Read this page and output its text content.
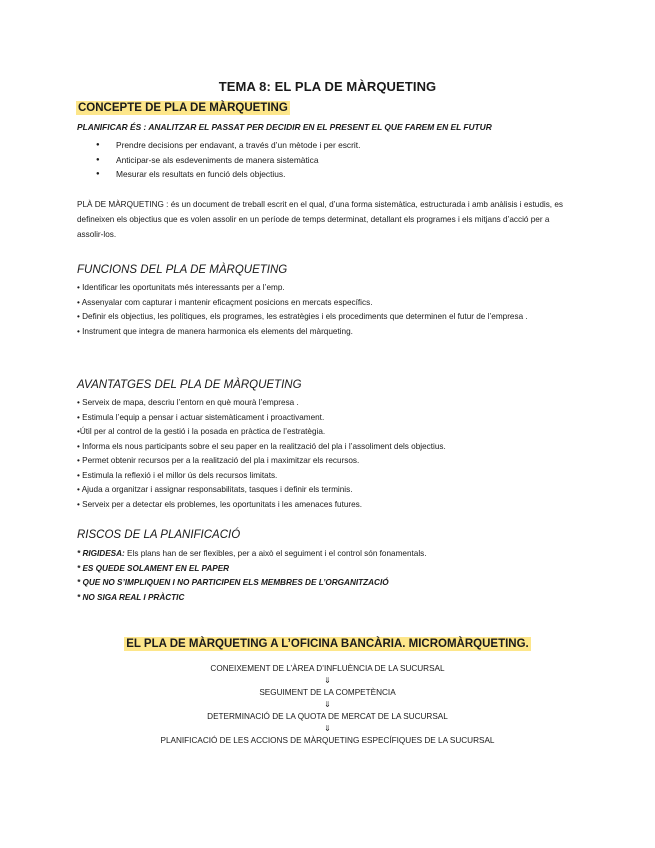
TEMA 8: EL PLA DE MÀRQUETING
CONCEPTE DE PLA DE MÀRQUETING
PLANIFICAR ÉS : ANALITZAR EL PASSAT PER DECIDIR EN EL PRESENT EL QUE FAREM EN EL FUTUR
● Prendre decisions per endavant, a través d’un mètode i per escrit.
● Anticipar-se als esdeveniments de manera sistemàtica
● Mesurar els resultats en funció dels objectius.
PLÀ DE MÀRQUETING : és un document de treball escrit en el qual, d’una forma sistemàtica, estructurada i amb anàlisis i estudis, es defineixen els objectius que es volen assolir en un període de temps determinat, detallant els programes i els mitjans d’acció per a assolir-los.
FUNCIONS DEL PLA DE MÀRQUETING
• Identificar les oportunitats més interessants per a l’emp.
• Assenyalar com capturar i mantenir eficaçment posicions en mercats específics.
• Definir els objectius, les polítiques, els programes, les estratègies i els procediments que determinen el futur de l’empresa .
• Instrument que integra de manera harmonica els elements del màrqueting.
AVANTATGES DEL PLA DE MÀRQUETING
• Serveix de mapa, descriu l’entorn en què mourà l’empresa .
• Estimula l’equip a pensar i actuar sistemàticament i proactivament.
•Útil per al control de la gestió i la posada en pràctica de l’estratègia.
• Informa els nous participants sobre el seu paper en la realització del pla i l’assoliment dels objectius.
• Permet obtenir recursos per a la realització del pla i maximitzar els recursos.
• Estimula la reflexió i el millor ús dels recursos limitats.
• Ajuda a organitzar i assignar responsabilitats, tasques i definir els terminis.
• Serveix per a detectar els problemes, les oportunitats i les amenaces futures.
RISCOS DE LA PLANIFICACIÓ
* RIGIDESA: Els plans han de ser flexibles, per a això el seguiment i el control són fonamentals.
* ES QUEDE SOLAMENT EN EL PAPER
* QUE NO S’IMPLIQUEN I NO PARTICIPEN ELS MEMBRES DE L’ORGANITZACIÓ
* NO SIGA REAL I PRÀCTIC
EL PLA DE MÀRQUETING A L’OFICINA BANCÀRIA. MICROMÀRQUETING.
CONEIXEMENT DE L’ÀREA D’INFLUÈNCIA DE LA SUCURSAL
⇓
SEGUIMENT DE LA COMPETÈNCIA
⇓
DETERMINACIÓ DE LA QUOTA DE MERCAT DE LA SUCURSAL
⇓
PLANIFICACIÓ DE LES ACCIONS DE MÀRQUETING ESPECÍFIQUES DE LA SUCURSAL
